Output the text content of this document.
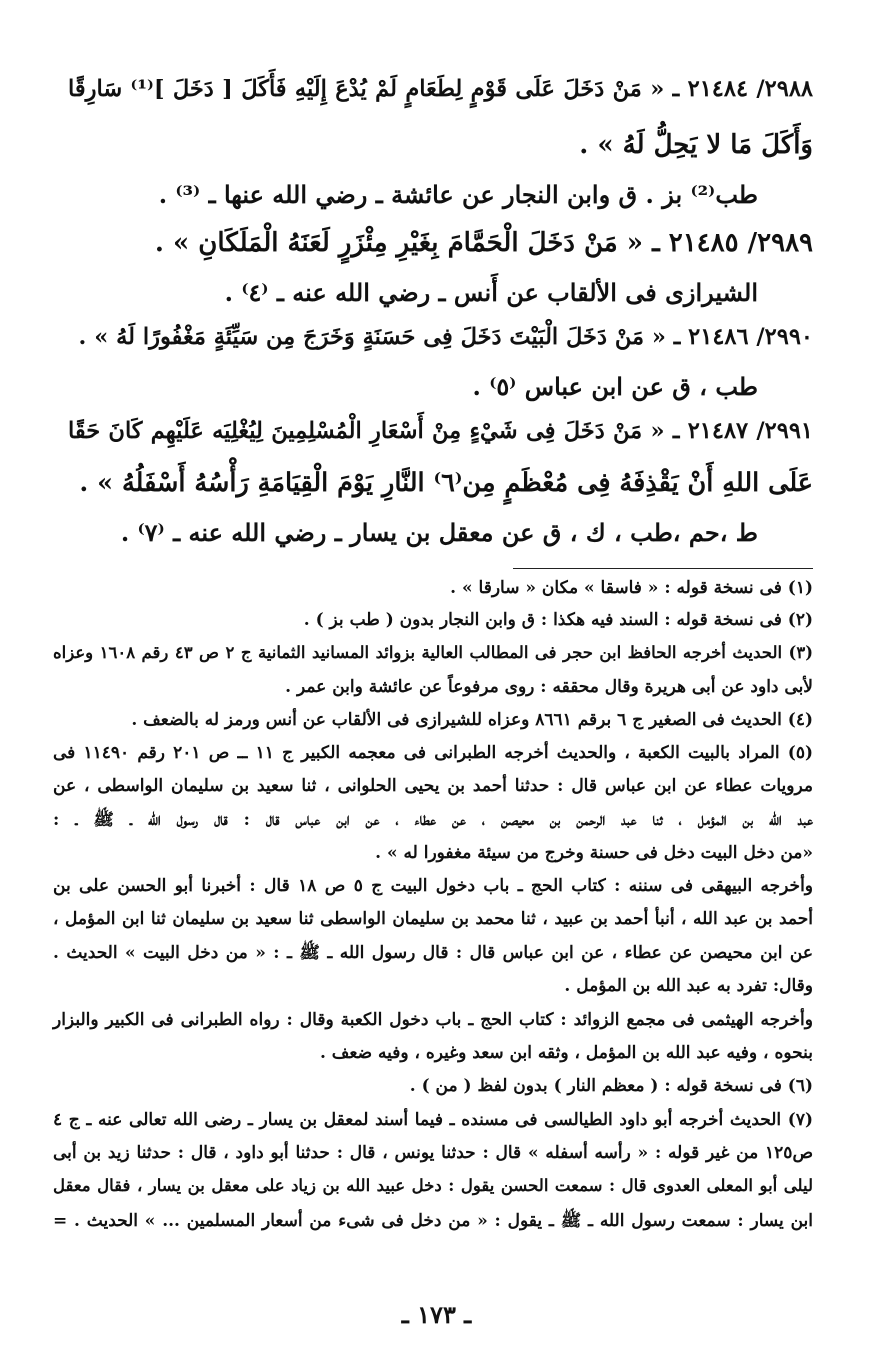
٢٩٨٨/ ٢١٤٨٤ ـ « مَنْ دَخَلَ عَلَى قَوْمٍ لِطَعَامٍ لَمْ يُدْعَ إِلَيْهِ فَأَكَلَ [ دَخَلَ ]⁽¹⁾ سَارِقًا
وَأَكَلَ مَا لا يَحِلُّ لَهُ » .
طب⁽²⁾ بز . ق وابن النجار عن عائشة ـ رضي الله عنها ـ ⁽³⁾ .
٢٩٨٩/ ٢١٤٨٥ ـ « مَنْ دَخَلَ الْحَمَّامَ بِغَيْرِ مِئْزَرٍ لَعَنَهُ الْمَلَكَانِ » .
الشيرازى فى الألقاب عن أَنس ـ رضي الله عنه ـ ⁽٤⁾ .
٢٩٩٠/ ٢١٤٨٦ ـ « مَنْ دَخَلَ الْبَيْتَ دَخَلَ فِى حَسَنَةٍ وَخَرَجَ مِن سَيِّئَةٍ مَغْفُورًا لَهُ » .
طب ، ق عن ابن عباس ⁽٥⁾ .
٢٩٩١/ ٢١٤٨٧ ـ « مَنْ دَخَلَ فِى شَيْءٍ مِنْ أَسْعَارِ الْمُسْلِمِينَ لِيُغْلِيَه عَلَيْهِم كَانَ حَقًا
عَلَى اللهِ أَنْ يَقْذِفَهُ فِى مُعْظَمٍ مِن⁽٦⁾ النَّارِ يَوْمَ الْقِيَامَةِ رَأْسُهُ أَسْفَلُهُ » .
ط ،حم ،طب ، ك ، ق عن معقل بن يسار ـ رضي الله عنه ـ ⁽٧⁾ .
(١) فى نسخة قوله : « فاسقا » مكان « سارقا » .
(٢) فى نسخة قوله : السند فيه هكذا : ق وابن النجار بدون ( طب بز ) .
(٣) الحديث أخرجه الحافظ ابن حجر فى المطالب العالية بزوائد المسانيد الثمانية ج ٢ ص ٤٣ رقم ١٦٠٨ وعزاه
لأبى داود عن أبى هريرة وقال محققه : روى مرفوعاً عن عائشة وابن عمر .
(٤) الحديث فى الصغير ج ٦ برقم ٨٦٦١ وعزاه للشيرازى فى الألقاب عن أنس ورمز له بالضعف .
(٥) المراد بالبيت الكعبة ، والحديث أخرجه الطبرانى فى معجمه الكبير ج ١١ ــ ص ٢٠١ رقم ١١٤٩٠ فى
مرويات عطاء عن ابن عباس قال : حدثنا أحمد بن يحيى الحلوانى ، ثنا سعيد بن سليمان الواسطى ، عن
عبد الله بن المؤمل ، ثنا عبد الرحمن بن محيصن ، عن عطاء ، عن ابن عباس قال : قال رسول الله ـ ﷺ ـ :
«من دخل البيت دخل فى حسنة وخرج من سيئة مغفورا له » .
وأخرجه البيهقى فى سننه : كتاب الحج ـ باب دخول البيت ج ٥ ص ١٨ قال : أخبرنا أبو الحسن على بن
أحمد بن عبد الله ، أنبأ أحمد بن عبيد ، ثنا محمد بن سليمان الواسطى ثنا سعيد بن سليمان ثنا ابن المؤمل ،
عن ابن محيصن عن عطاء ، عن ابن عباس قال : قال رسول الله ـ ﷺ ـ : « من دخل البيت » الحديث .
وقال: تفرد به عبد الله بن المؤمل .
وأخرجه الهيثمى فى مجمع الزوائد : كتاب الحج ـ باب دخول الكعبة وقال : رواه الطبرانى فى الكبير والبزار
بنحوه ، وفيه عبد الله بن المؤمل ، وثقه ابن سعد وغيره ، وفيه ضعف .
(٦) فى نسخة قوله : ( معظم النار ) بدون لفظ ( من ) .
(٧) الحديث أخرجه أبو داود الطيالسى فى مسنده ـ فيما أسند لمعقل بن يسار ـ رضى الله تعالى عنه ـ ج ٤
ص١٢٥ من غير قوله : « رأسه أسفله » قال : حدثنا يونس ، قال : حدثنا أبو داود ، قال : حدثنا زيد بن أبى
ليلى أبو المعلى العدوى قال : سمعت الحسن يقول : دخل عبيد الله بن زياد على معقل بن يسار ، فقال معقل
ابن يسار : سمعت رسول الله ـ ﷺ ـ يقول : « من دخل فى شىء من أسعار المسلمين ... » الحديث . =
ـ ١٧٣ ـ
